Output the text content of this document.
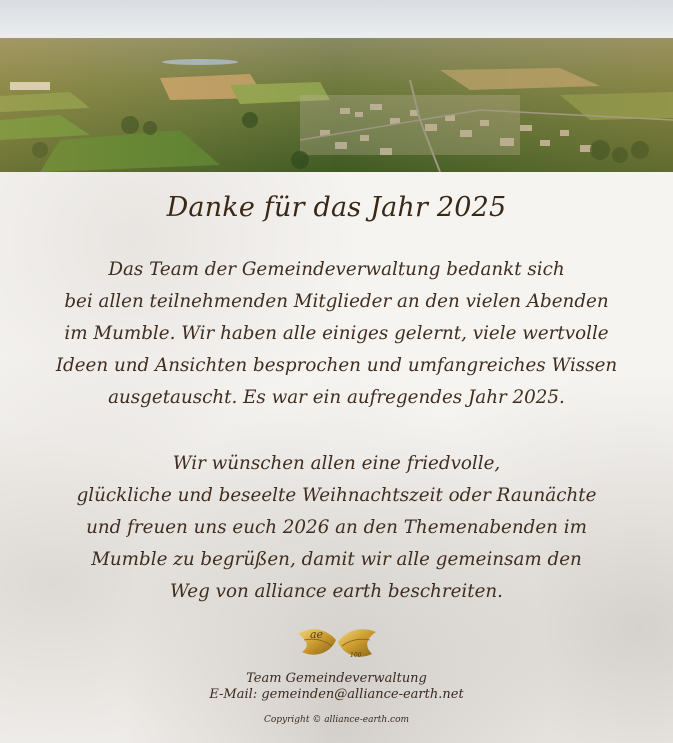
Danke für das Jahr 2025
Das Team der Gemeindeverwaltung bedankt sich
bei allen teilnehmenden Mitglieder an den vielen Abenden
im Mumble. Wir haben alle einiges gelernt, viele wertvolle
Ideen und Ansichten besprochen und umfangreiches Wissen
ausgetauscht. Es war ein aufregendes Jahr 2025.
Wir wünschen allen eine friedvolle,
glückliche und beseelte Weihnachtszeit oder Raunächte
und freuen uns euch 2026 an den Themenabenden im
Mumble zu begrüßen, damit wir alle gemeinsam den
Weg von alliance earth beschreiten.
ae
100
Team Gemeindeverwaltung
E-Mail: gemeinden@alliance-earth.net
Copyright © alliance-earth.com
